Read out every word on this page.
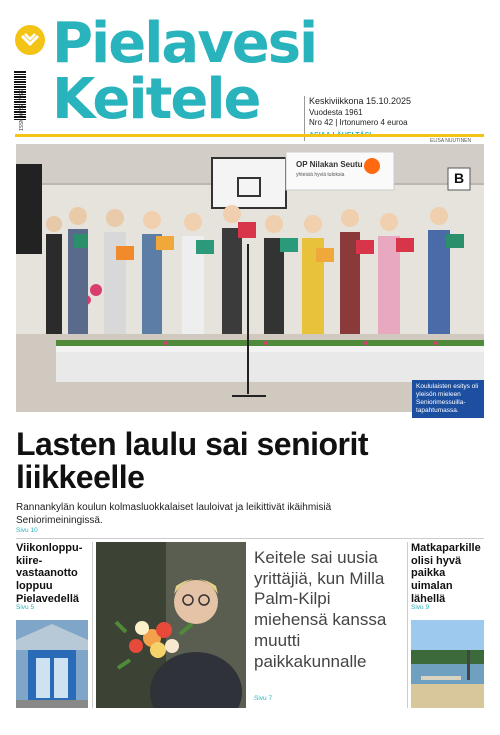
ISSN 0782-7229
Pielavesi
Keitele	Keskiviikkona 15.10.2025
Vuodesta 1961
Nro 42 | Irtonumero 4 euroa
ELISA NUUTINEN
OP Nilakan Seutu
yhteisiä hyviä tuloksia	B
Koululaisten esitys oli yleisön mieleen Seniorimessuilla-tapahtumassa.
Lasten laulu sai seniorit liikkeelle
Rannankylän koulun kolmasluokkalaiset lauloivat ja leikittivät ikäihmisiä Seniorimeiningissä.
Sivu 10
Viikonloppu-kiire-vastaanotto loppuu Pielavedellä
Sivu 5
Keitele sai uusia yrittäjiä, kun Milla Palm-Kilpi miehensä kanssa muutti paikkakunnalle
Sivu 7
Matkaparkille olisi hyvä paikka uimalan lähellä
Sivu 9
